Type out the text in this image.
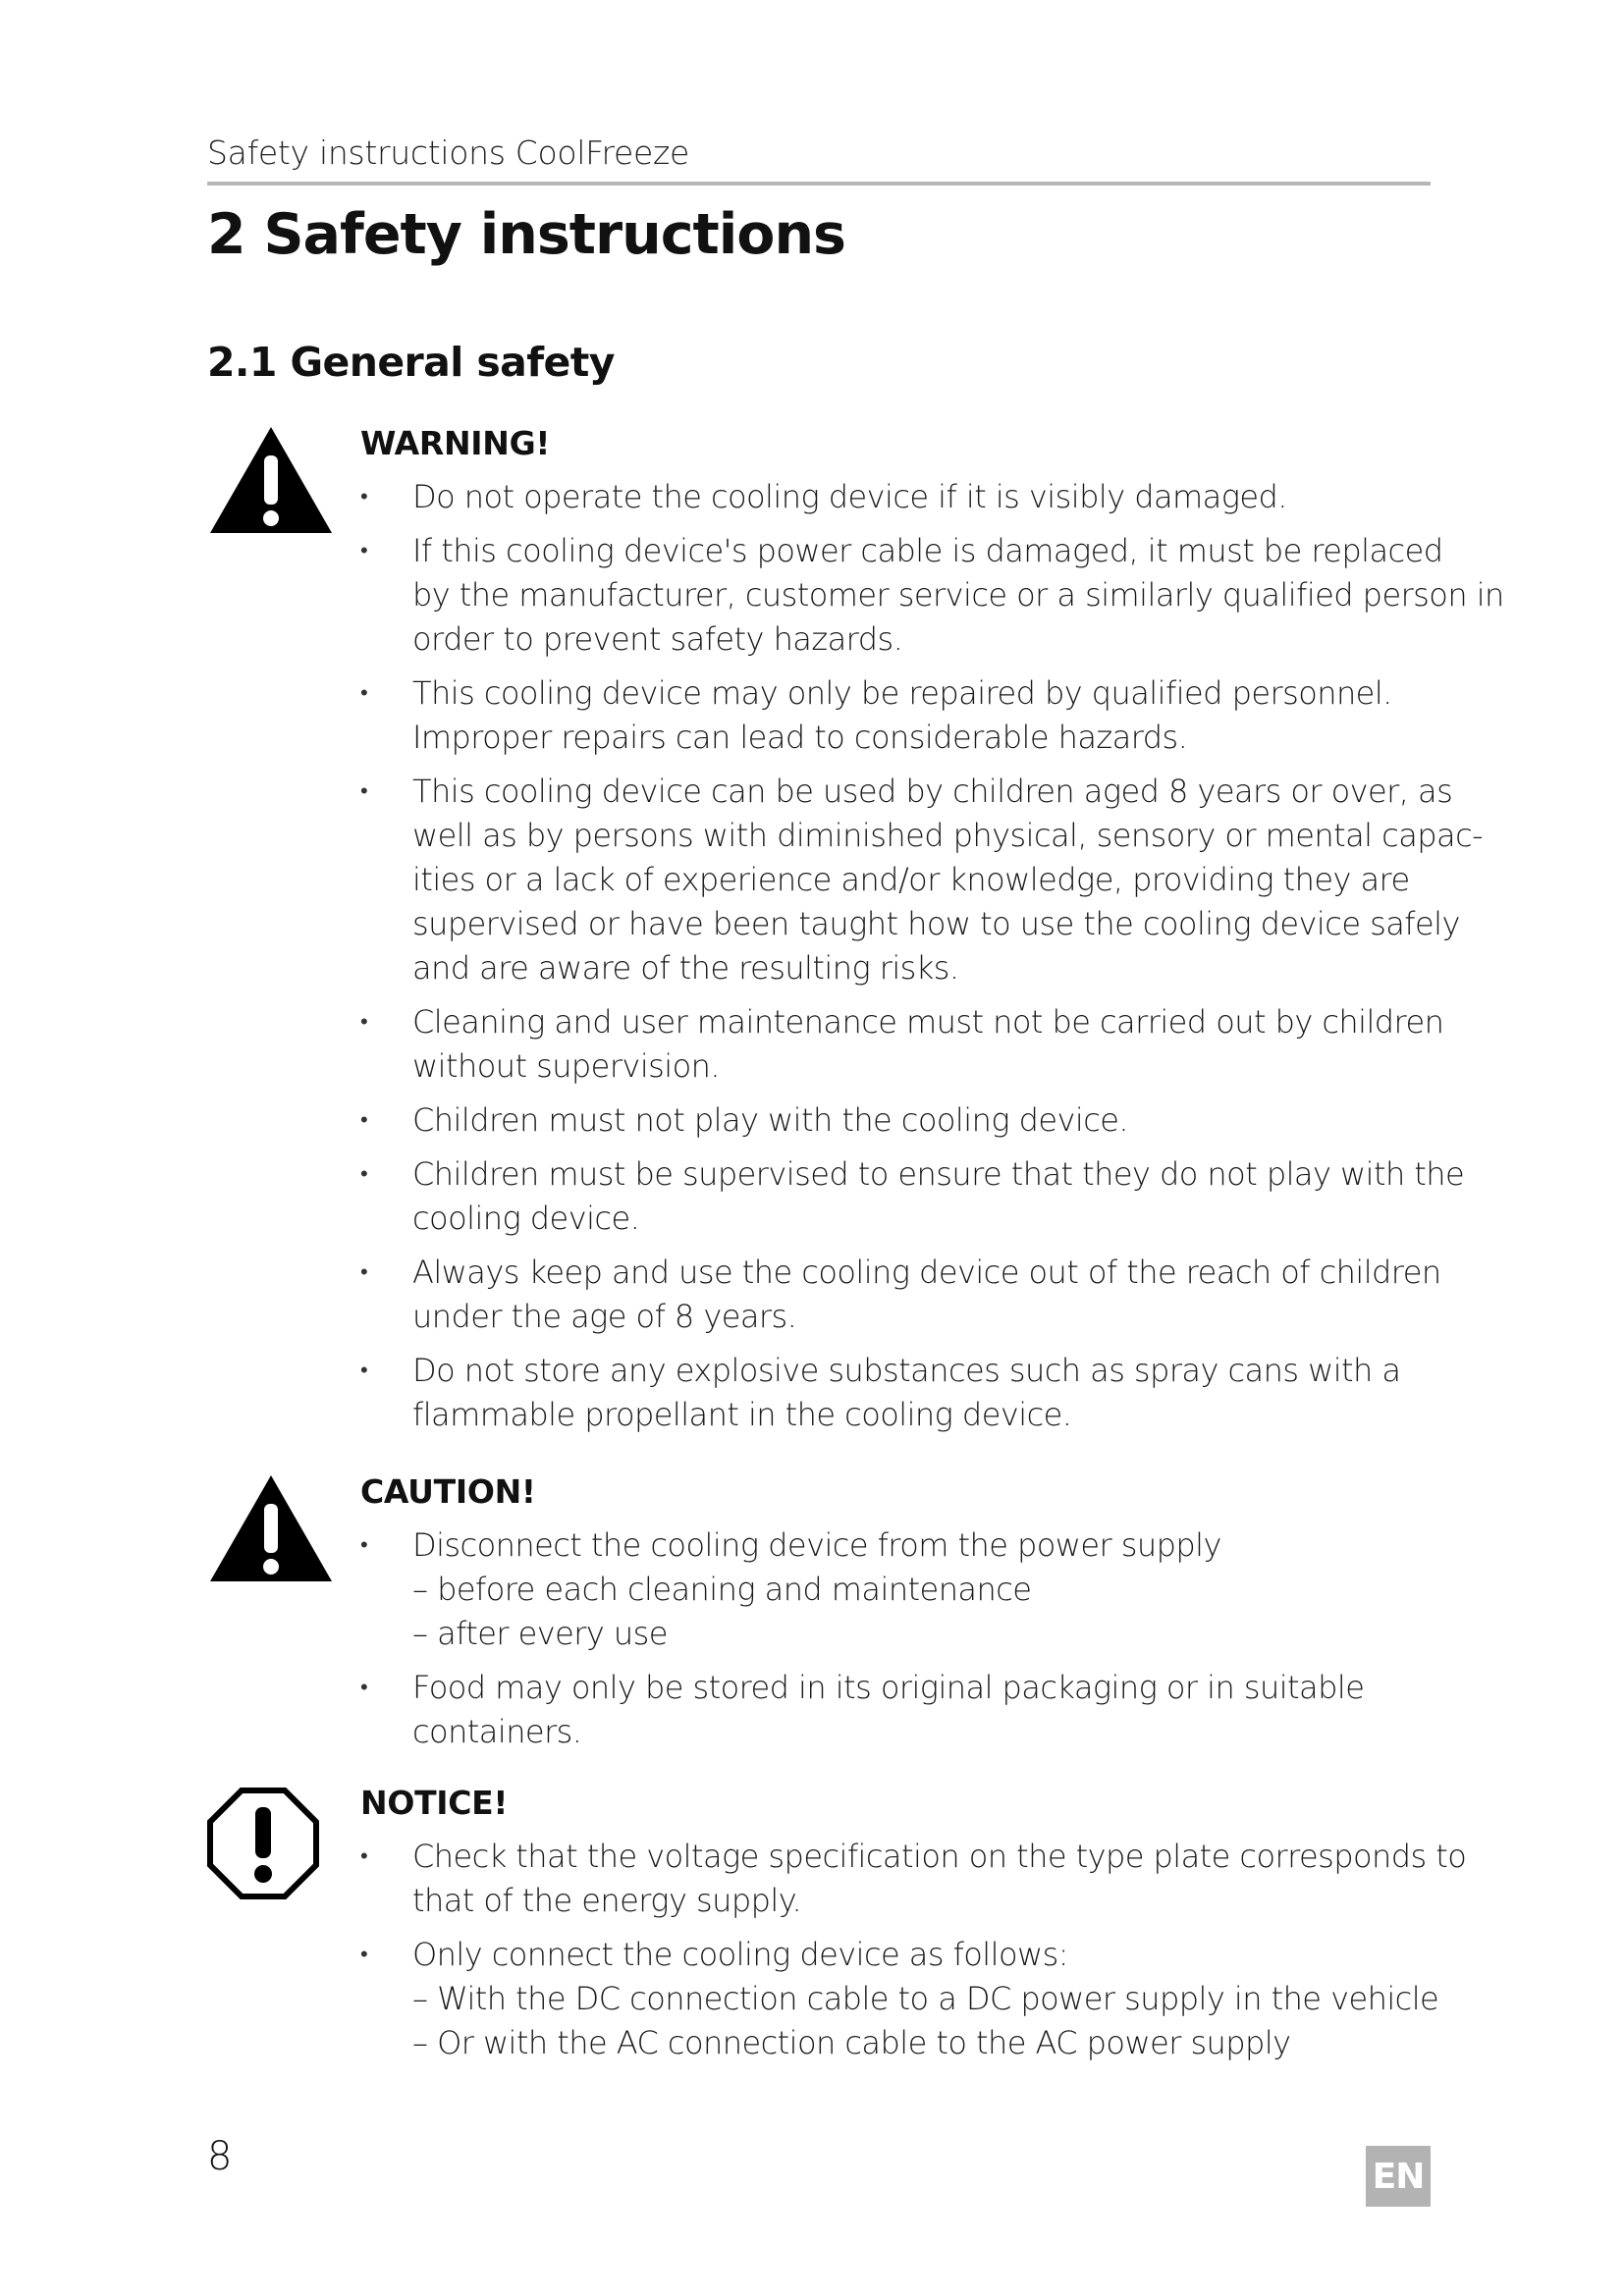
Safety instructions CoolFreeze
2 Safety instructions
2.1 General safety
WARNING!
•	Do not operate the cooling device if it is visibly damaged.
•	If this cooling device's power cable is damaged, it must be replaced
by the manufacturer, customer service or a similarly qualified person in
order to prevent safety hazards.
•	This cooling device may only be repaired by qualified personnel.
Improper repairs can lead to considerable hazards.
•	This cooling device can be used by children aged 8 years or over, as
well as by persons with diminished physical, sensory or mental capac-
ities or a lack of experience and/or knowledge, providing they are
supervised or have been taught how to use the cooling device safely
and are aware of the resulting risks.
•	Cleaning and user maintenance must not be carried out by children
without supervision.
•	Children must not play with the cooling device.
•	Children must be supervised to ensure that they do not play with the
cooling device.
•	Always keep and use the cooling device out of the reach of children
under the age of 8 years.
•	Do not store any explosive substances such as spray cans with a
flammable propellant in the cooling device.
CAUTION!
•	Disconnect the cooling device from the power supply
– before each cleaning and maintenance
– after every use
•	Food may only be stored in its original packaging or in suitable
containers.
NOTICE!
•	Check that the voltage specification on the type plate corresponds to
that of the energy supply.
•	Only connect the cooling device as follows:
– With the DC connection cable to a DC power supply in the vehicle
– Or with the AC connection cable to the AC power supply
8	EN
